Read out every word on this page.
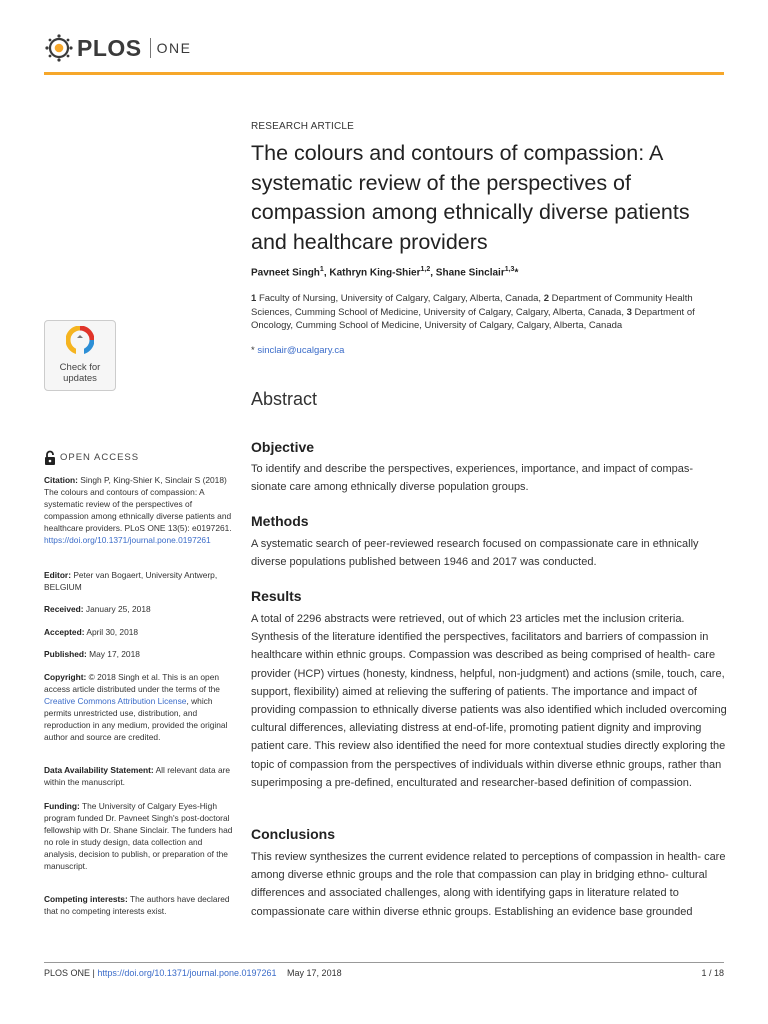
PLOS ONE
Check for
updates
OPEN ACCESS
Citation: Singh P, King-Shier K, Sinclair S (2018) The colours and contours of compassion: A systematic review of the perspectives of compassion among ethnically diverse patients and healthcare providers. PLoS ONE 13(5): e0197261. https://doi.org/10.1371/journal.pone.0197261
Editor: Peter van Bogaert, University Antwerp, BELGIUM
Received: January 25, 2018
Accepted: April 30, 2018
Published: May 17, 2018
Copyright: © 2018 Singh et al. This is an open access article distributed under the terms of the Creative Commons Attribution License, which permits unrestricted use, distribution, and reproduction in any medium, provided the original author and source are credited.
Data Availability Statement: All relevant data are within the manuscript.
Funding: The University of Calgary Eyes-High program funded Dr. Pavneet Singh's post-doctoral fellowship with Dr. Shane Sinclair. The funders had no role in study design, data collection and analysis, decision to publish, or preparation of the manuscript.
Competing interests: The authors have declared that no competing interests exist.
RESEARCH ARTICLE
The colours and contours of compassion: A systematic review of the perspectives of compassion among ethnically diverse patients and healthcare providers
Pavneet Singh$^1$, Kathryn King-Shier$^{1,2}$, Shane Sinclair$^{1,3}$*
1 Faculty of Nursing, University of Calgary, Calgary, Alberta, Canada, 2 Department of Community Health Sciences, Cumming School of Medicine, University of Calgary, Calgary, Alberta, Canada, 3 Department of Oncology, Cumming School of Medicine, University of Calgary, Calgary, Alberta, Canada
* sinclair@ucalgary.ca
Abstract
Objective
To identify and describe the perspectives, experiences, importance, and impact of compas- sionate care among ethnically diverse population groups.
Methods
A systematic search of peer-reviewed research focused on compassionate care in ethnically diverse populations published between 1946 and 2017 was conducted.
Results
A total of 2296 abstracts were retrieved, out of which 23 articles met the inclusion criteria. Synthesis of the literature identified the perspectives, facilitators and barriers of compassion in healthcare within ethnic groups. Compassion was described as being comprised of health- care provider (HCP) virtues (honesty, kindness, helpful, non-judgment) and actions (smile, touch, care, support, flexibility) aimed at relieving the suffering of patients. The importance and impact of providing compassion to ethnically diverse patients was also identified which included overcoming cultural differences, alleviating distress at end-of-life, promoting patient dignity and improving patient care. This review also identified the need for more contextual studies directly exploring the topic of compassion from the perspectives of individuals within diverse ethnic groups, rather than superimposing a pre-defined, enculturated and researcher-based definition of compassion.
Conclusions
This review synthesizes the current evidence related to perceptions of compassion in health- care among diverse ethnic groups and the role that compassion can play in bridging ethno- cultural differences and associated challenges, along with identifying gaps in literature related to compassionate care within diverse ethnic groups. Establishing an evidence base grounded
PLOS ONE | https://doi.org/10.1371/journal.pone.0197261 May 17, 2018	1 / 18
